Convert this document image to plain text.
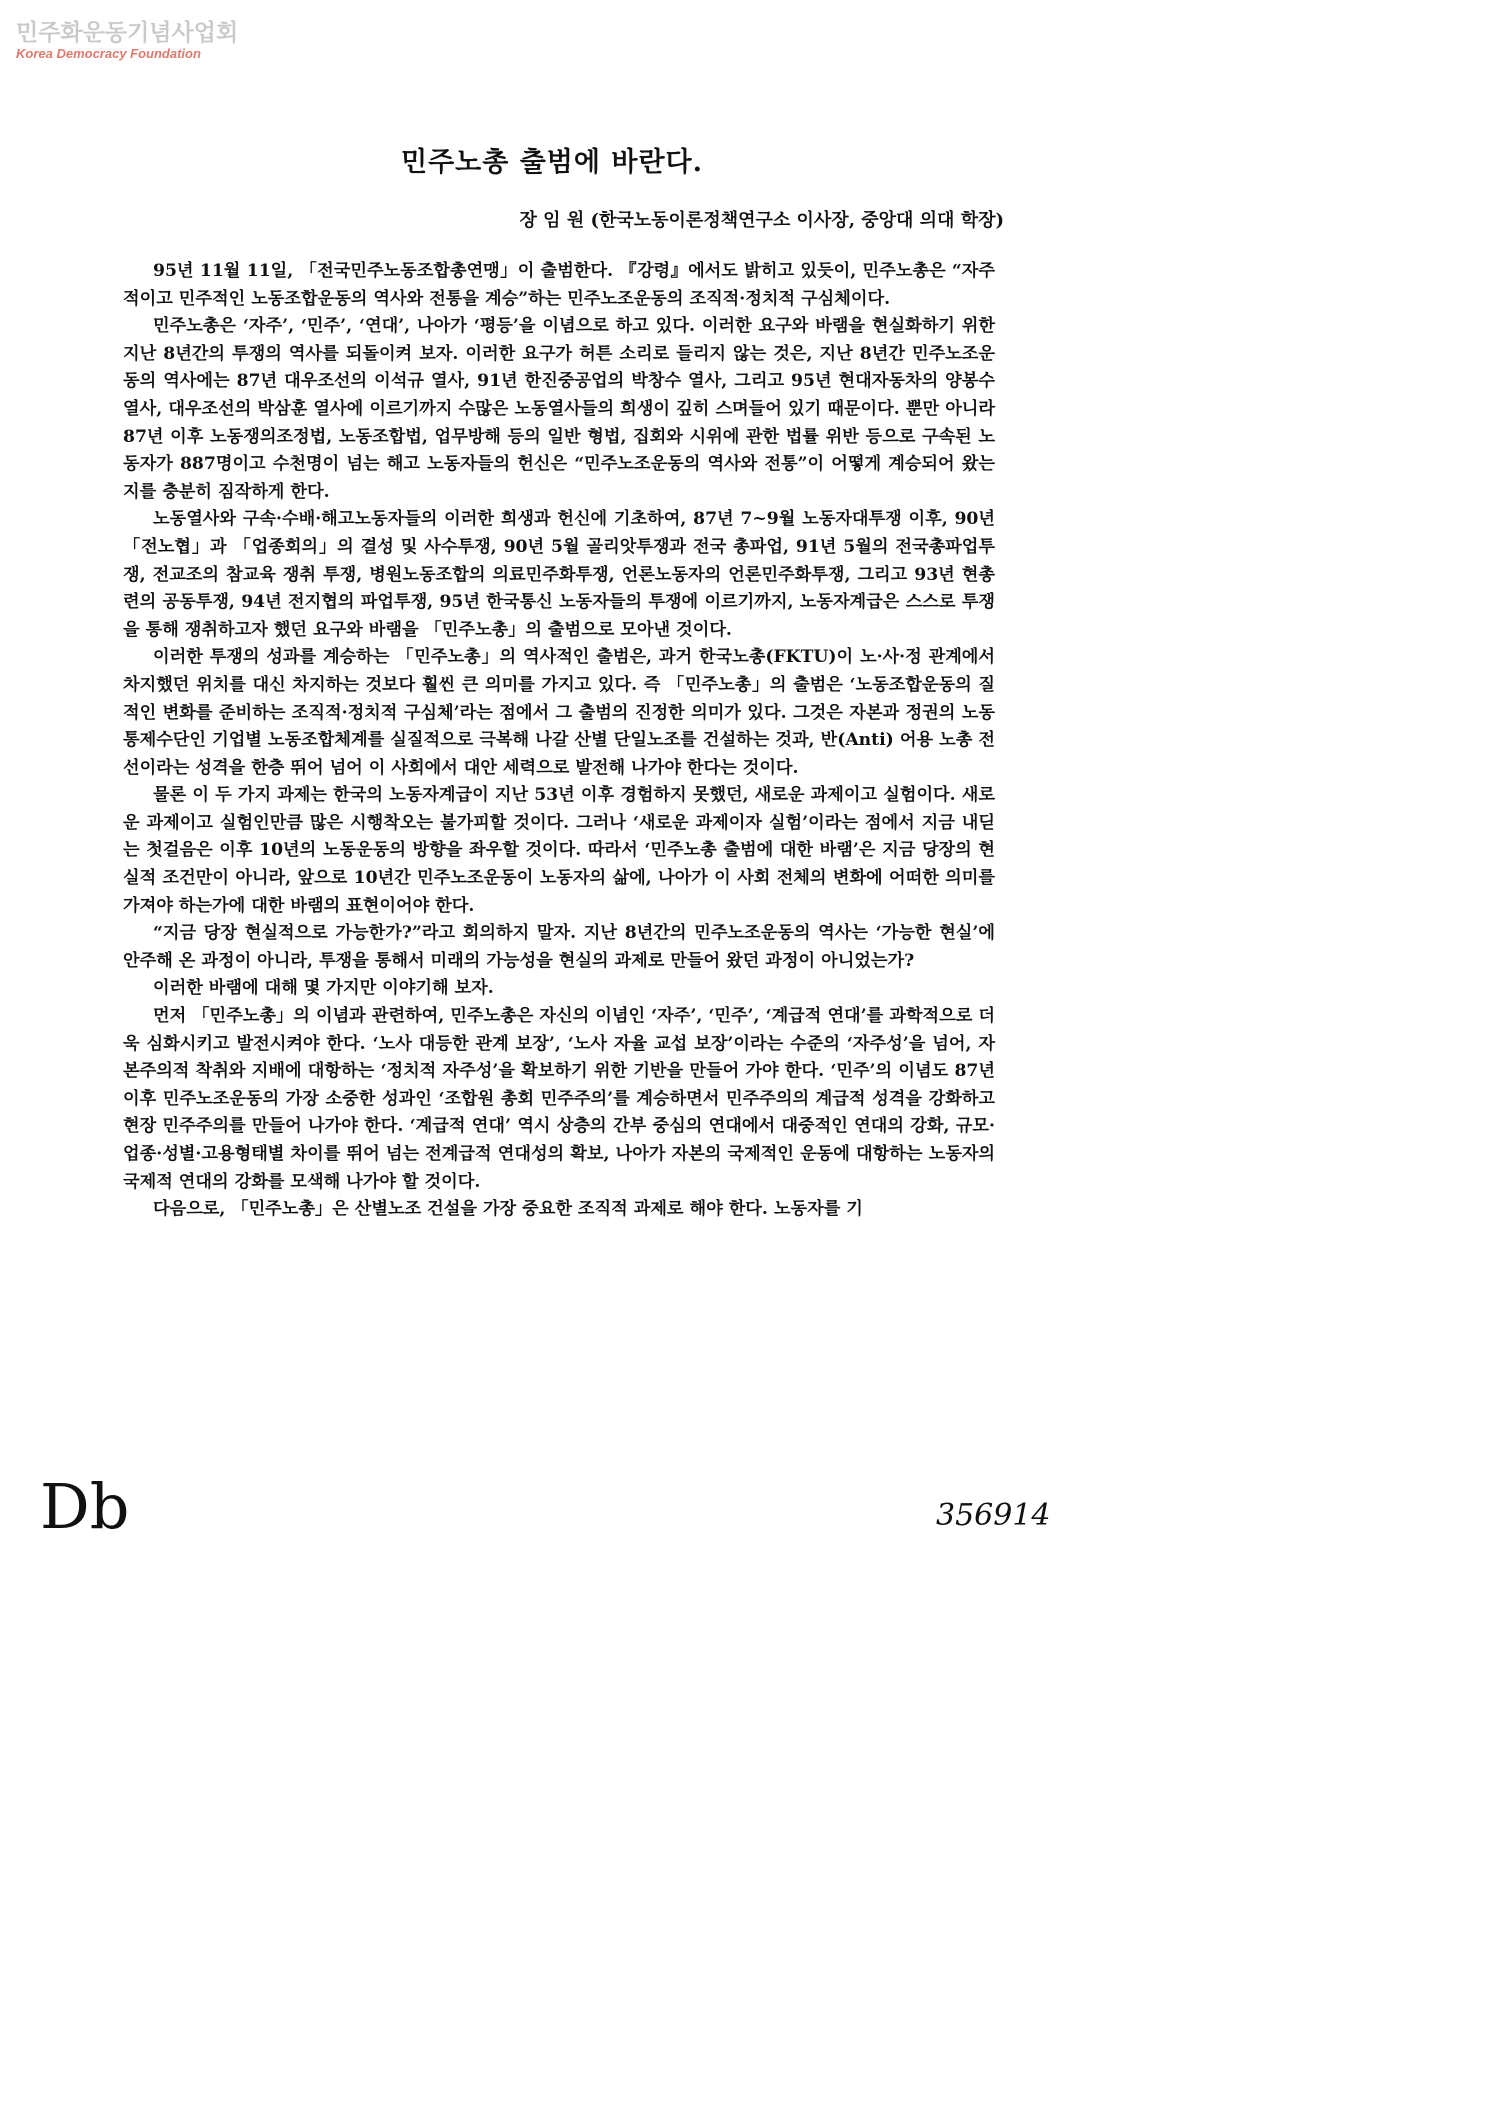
민주화운동기념사업회
Korea Democracy Foundation
민주노총 출범에 바란다.
장 임 원 (한국노동이론정책연구소 이사장, 중앙대 의대 학장)

95년 11월 11일, 「전국민주노동조합총연맹」이 출범한다. 『강령』에서도 밝히고 있듯이, 민주노총은 “자주적이고 민주적인 노동조합운동의 역사와 전통을 계승”하는 민주노조운동의 조직적·정치적 구심체이다.

민주노총은 ‘자주’, ‘민주’, ‘연대’, 나아가 ‘평등’을 이념으로 하고 있다. 이러한 요구와 바램을 현실화하기 위한 지난 8년간의 투쟁의 역사를 되돌이켜 보자. 이러한 요구가 허튼 소리로 들리지 않는 것은, 지난 8년간 민주노조운동의 역사에는 87년 대우조선의 이석규 열사, 91년 한진중공업의 박창수 열사, 그리고 95년 현대자동차의 양봉수 열사, 대우조선의 박삼훈 열사에 이르기까지 수많은 노동열사들의 희생이 깊히 스며들어 있기 때문이다. 뿐만 아니라 87년 이후 노동쟁의조정법, 노동조합법, 업무방해 등의 일반 형법, 집회와 시위에 관한 법률 위반 등으로 구속된 노동자가 887명이고 수천명이 넘는 해고 노동자들의 헌신은 “민주노조운동의 역사와 전통”이 어떻게 계승되어 왔는지를 충분히 짐작하게 한다.

노동열사와 구속·수배·해고노동자들의 이러한 희생과 헌신에 기초하여, 87년 7~9월 노동자대투쟁 이후, 90년 「전노협」과 「업종회의」의 결성 및 사수투쟁, 90년 5월 골리앗투쟁과 전국 총파업, 91년 5월의 전국총파업투쟁, 전교조의 참교육 쟁취 투쟁, 병원노동조합의 의료민주화투쟁, 언론노동자의 언론민주화투쟁, 그리고 93년 현총련의 공동투쟁, 94년 전지협의 파업투쟁, 95년 한국통신 노동자들의 투쟁에 이르기까지, 노동자계급은 스스로 투쟁을 통해 쟁취하고자 했던 요구와 바램을 「민주노총」의 출범으로 모아낸 것이다.

이러한 투쟁의 성과를 계승하는 「민주노총」의 역사적인 출범은, 과거 한국노총(FKTU)이 노·사·정 관계에서 차지했던 위치를 대신 차지하는 것보다 훨씬 큰 의미를 가지고 있다. 즉 「민주노총」의 출범은 ‘노동조합운동의 질적인 변화를 준비하는 조직적·정치적 구심체’라는 점에서 그 출범의 진정한 의미가 있다. 그것은 자본과 정권의 노동통제수단인 기업별 노동조합체계를 실질적으로 극복해 나갈 산별 단일노조를 건설하는 것과, 반(Anti) 어용 노총 전선이라는 성격을 한층 뛰어 넘어 이 사회에서 대안 세력으로 발전해 나가야 한다는 것이다.

물론 이 두 가지 과제는 한국의 노동자계급이 지난 53년 이후 경험하지 못했던, 새로운 과제이고 실험이다. 새로운 과제이고 실험인만큼 많은 시행착오는 불가피할 것이다. 그러나 ‘새로운 과제이자 실험’이라는 점에서 지금 내딛는 첫걸음은 이후 10년의 노동운동의 방향을 좌우할 것이다. 따라서 ‘민주노총 출범에 대한 바램’은 지금 당장의 현실적 조건만이 아니라, 앞으로 10년간 민주노조운동이 노동자의 삶에, 나아가 이 사회 전체의 변화에 어떠한 의미를 가져야 하는가에 대한 바램의 표현이어야 한다.

“지금 당장 현실적으로 가능한가?”라고 회의하지 말자. 지난 8년간의 민주노조운동의 역사는 ‘가능한 현실’에 안주해 온 과정이 아니라, 투쟁을 통해서 미래의 가능성을 현실의 과제로 만들어 왔던 과정이 아니었는가?

이러한 바램에 대해 몇 가지만 이야기해 보자.

먼저 「민주노총」의 이념과 관련하여, 민주노총은 자신의 이념인 ‘자주’, ‘민주’, ‘계급적 연대’를 과학적으로 더욱 심화시키고 발전시켜야 한다. ‘노사 대등한 관계 보장’, ‘노사 자율 교섭 보장’이라는 수준의 ‘자주성’을 넘어, 자본주의적 착취와 지배에 대항하는 ‘정치적 자주성’을 확보하기 위한 기반을 만들어 가야 한다. ‘민주’의 이념도 87년 이후 민주노조운동의 가장 소중한 성과인 ‘조합원 총회 민주주의’를 계승하면서 민주주의의 계급적 성격을 강화하고 현장 민주주의를 만들어 나가야 한다. ‘계급적 연대’ 역시 상층의 간부 중심의 연대에서 대중적인 연대의 강화, 규모·업종·성별·고용형태별 차이를 뛰어 넘는 전계급적 연대성의 확보, 나아가 자본의 국제적인 운동에 대항하는 노동자의 국제적 연대의 강화를 모색해 나가야 할 것이다.

다음으로, 「민주노총」은 산별노조 건설을 가장 중요한 조직적 과제로 해야 한다. 노동자를 기

Db	356914
